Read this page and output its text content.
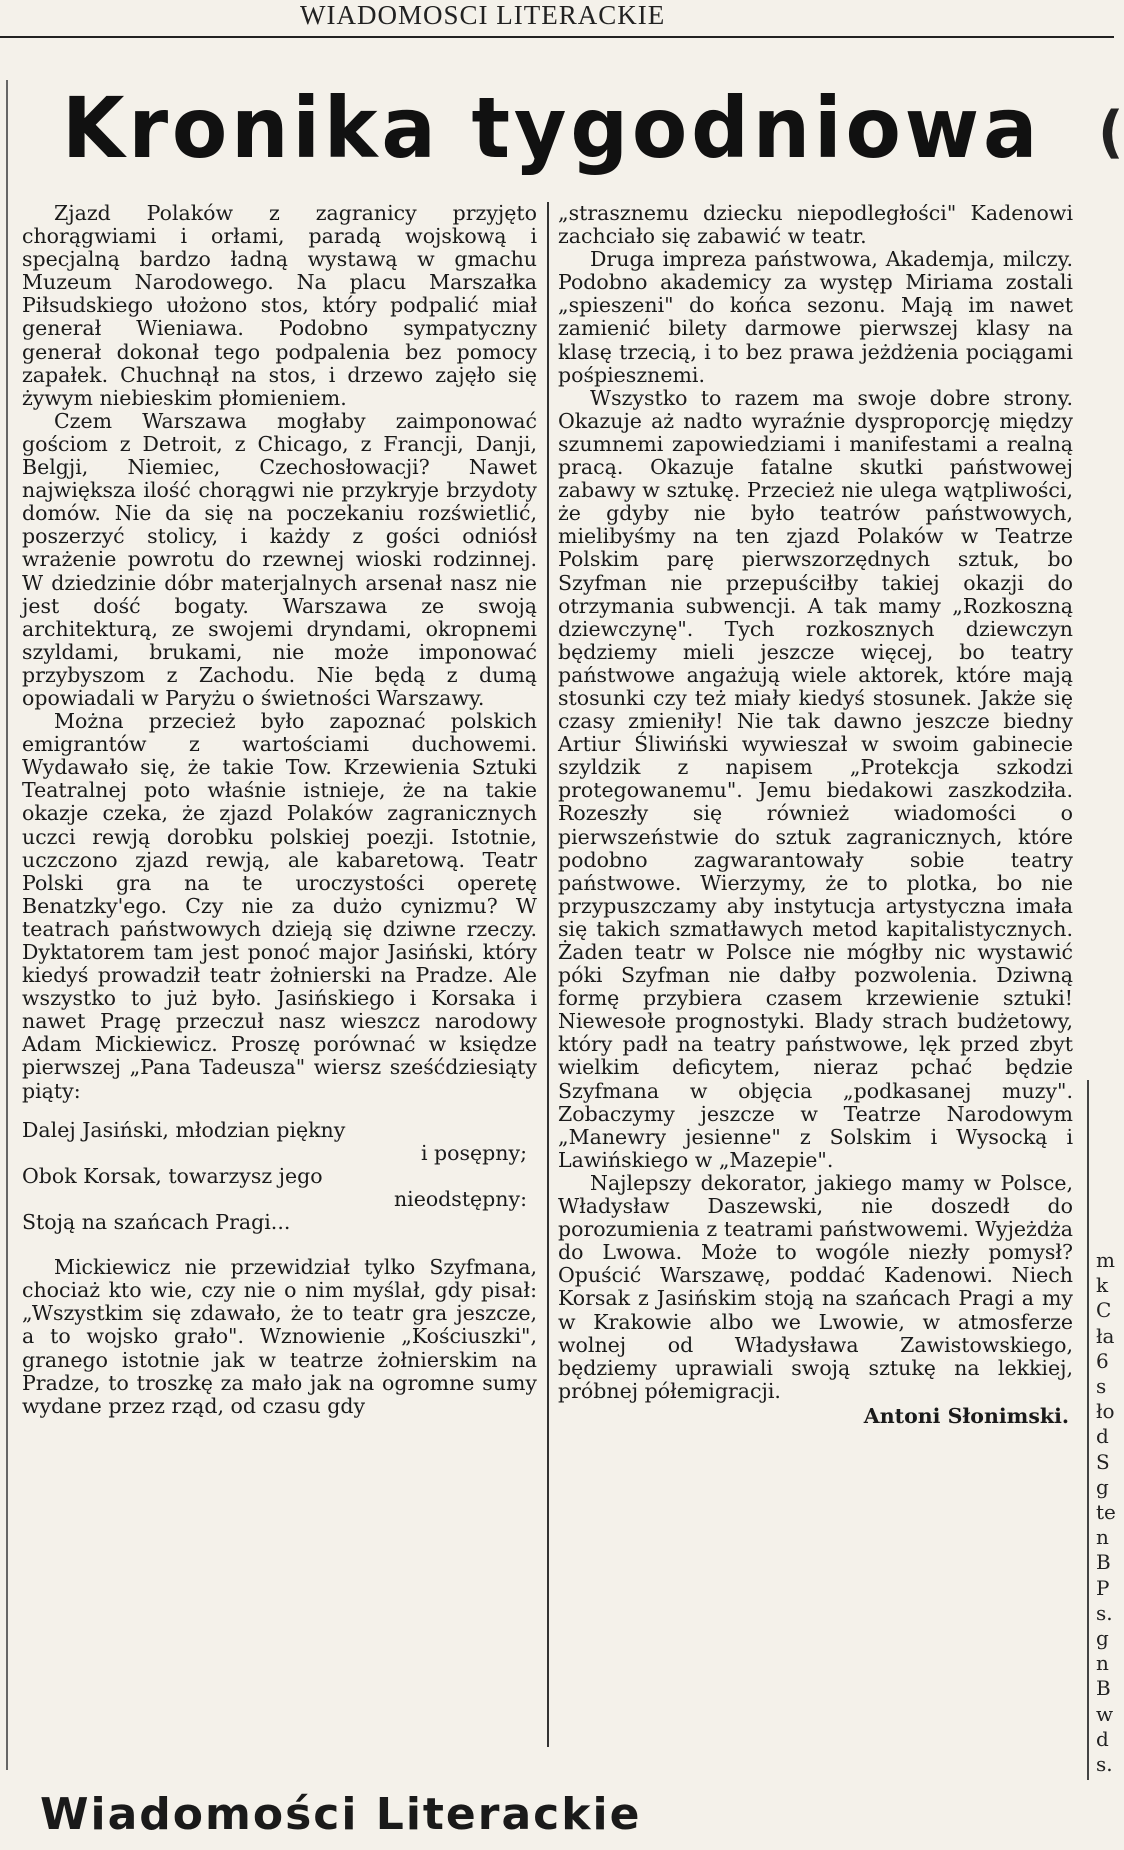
WIADOMOSCI LITERACKIE
(
Kronika tygodniowa

Zjazd Polaków z zagranicy przyjęto chorągwiami i orłami, paradą wojskową i specjalną bardzo ładną wystawą w gmachu Muzeum Narodowego. Na placu Marszałka Piłsudskiego ułożono stos, który podpalić miał generał Wieniawa. Podobno sympatyczny generał dokonał tego podpalenia bez pomocy zapałek. Chuchnął na stos, i drzewo zajęło się żywym niebieskim płomieniem.

Czem Warszawa mogłaby zaimponować gościom z Detroit, z Chicago, z Francji, Danji, Belgji, Niemiec, Czechosłowacji? Nawet największa ilość chorągwi nie przykryje brzydoty domów. Nie da się na poczekaniu rozświetlić, poszerzyć stolicy, i każdy z gości odniósł wrażenie powrotu do rzewnej wioski rodzinnej. W dziedzinie dóbr materjalnych arsenał nasz nie jest dość bogaty. Warszawa ze swoją architekturą, ze swojemi dryndami, okropnemi szyldami, brukami, nie może imponować przybyszom z Zachodu. Nie będą z dumą opowiadali w Paryżu o świetności Warszawy.

Można przecież było zapoznać polskich emigrantów z wartościami duchowemi. Wydawało się, że takie Tow. Krzewienia Sztuki Teatralnej poto właśnie istnieje, że na takie okazje czeka, że zjazd Polaków zagranicznych uczci rewją dorobku polskiej poezji. Istotnie, uczczono zjazd rewją, ale kabaretową. Teatr Polski gra na te uroczystości operetę Benatzky'ego. Czy nie za dużo cynizmu? W teatrach państwowych dzieją się dziwne rzeczy. Dyktatorem tam jest ponoć major Jasiński, który kiedyś prowadził teatr żołnierski na Pradze. Ale wszystko to już było. Jasińskiego i Korsaka i nawet Pragę przeczuł nasz wieszcz narodowy Adam Mickiewicz. Proszę porównać w księdze pierwszej „Pana Tadeusza" wiersz sześćdziesiąty piąty:

Dalej Jasiński, młodzian piękny
i posępny;
Obok Korsak, towarzysz jego
nieodstępny:
Stoją na szańcach Pragi...

Mickiewicz nie przewidział tylko Szyfmana, chociaż kto wie, czy nie o nim myślał, gdy pisał: „Wszystkim się zdawało, że to teatr gra jeszcze, a to wojsko grało". Wznowienie „Kościuszki", granego istotnie jak w teatrze żołnierskim na Pradze, to troszkę za mało jak na ogromne sumy wydane przez rząd, od czasu gdy

„strasznemu dziecku niepodległości" Kadenowi zachciało się zabawić w teatr.

Druga impreza państwowa, Akademja, milczy. Podobno akademicy za występ Miriama zostali „spieszeni" do końca sezonu. Mają im nawet zamienić bilety darmowe pierwszej klasy na klasę trzecią, i to bez prawa jeżdżenia pociągami pośpiesznemi.

Wszystko to razem ma swoje dobre strony. Okazuje aż nadto wyraźnie dysproporcję między szumnemi zapowiedziami i manifestami a realną pracą. Okazuje fatalne skutki państwowej zabawy w sztukę. Przecież nie ulega wątpliwości, że gdyby nie było teatrów państwowych, mielibyśmy na ten zjazd Polaków w Teatrze Polskim parę pierwszorzędnych sztuk, bo Szyfman nie przepuściłby takiej okazji do otrzymania subwencji. A tak mamy „Rozkoszną dziewczynę". Tych rozkosznych dziewczyn będziemy mieli jeszcze więcej, bo teatry państwowe angażują wiele aktorek, które mają stosunki czy też miały kiedyś stosunek. Jakże się czasy zmieniły! Nie tak dawno jeszcze biedny Artiur Śliwiński wywieszał w swoim gabinecie szyldzik z napisem „Protekcja szkodzi protegowanemu". Jemu biedakowi zaszkodziła. Rozeszły się również wiadomości o pierwszeństwie do sztuk zagranicznych, które podobno zagwarantowały sobie teatry państwowe. Wierzymy, że to plotka, bo nie przypuszczamy aby instytucja artystyczna imała się takich szmatławych metod kapitalistycznych. Żaden teatr w Polsce nie mógłby nic wystawić póki Szyfman nie dałby pozwolenia. Dziwną formę przybiera czasem krzewienie sztuki! Niewesołe prognostyki. Blady strach budżetowy, który padł na teatry państwowe, lęk przed zbyt wielkim deficytem, nieraz pchać będzie Szyfmana w objęcia „podkasanej muzy". Zobaczymy jeszcze w Teatrze Narodowym „Manewry jesienne" z Solskim i Wysocką i Lawińskiego w „Mazepie".

Najlepszy dekorator, jakiego mamy w Polsce, Władysław Daszewski, nie doszedł do porozumienia z teatrami państwowemi. Wyjeżdża do Lwowa. Może to wogóle niezły pomysł? Opuścić Warszawę, poddać Kadenowi. Niech Korsak z Jasińskim stoją na szańcach Pragi a my w Krakowie albo we Lwowie, w atmosferze wolnej od Władysława Zawistowskiego, będziemy uprawiali swoją sztukę na lekkiej, próbnej półemigracji.

Antoni Słonimski.
m
k
C
ła
6
s
ło
d
S
g
te
n
B
P
s.
g
n
B
w
d
s.
Wiadomości Literackie
